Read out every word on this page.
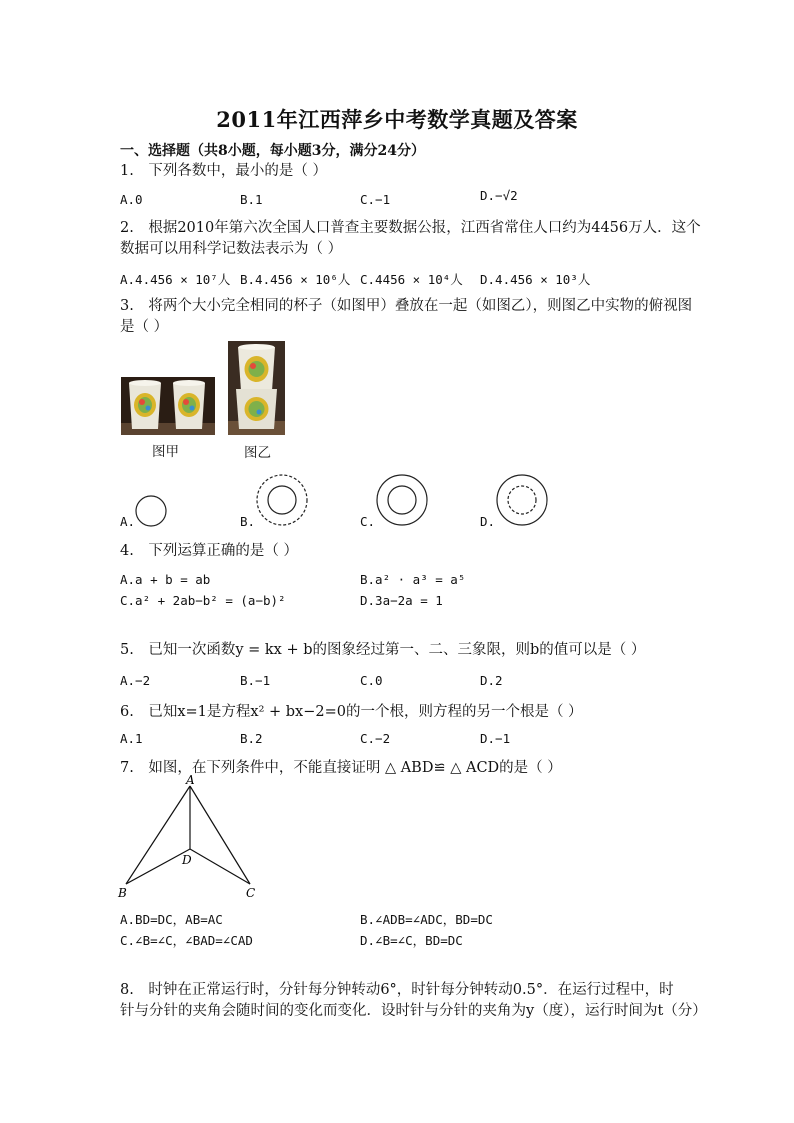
2011年江西萍乡中考数学真题及答案
一、选择题（共8小题，每小题3分，满分24分）
1.　下列各数中，最小的是（ ）
A.0	B.1	C.−1	D.−√2
2.　根据2010年第六次全国人口普查主要数据公报，江西省常住人口约为4456万人．这个
数据可以用科学记数法表示为（ ）
A.4.456 × 10⁷人 B.4.456 × 10⁶人 C.4456 × 10⁴人 D.4.456 × 10³人
3.　将两个大小完全相同的杯子（如图甲）叠放在一起（如图乙），则图乙中实物的俯视图
是（ ）
图甲	图乙
A.	B.	C.	D.
4.　下列运算正确的是（ ）
A.a + b = ab	B.a² · a³ = a⁵
C.a² + 2ab−b² = (a−b)²	D.3a−2a = 1
5.　已知一次函数y = kx + b的图象经过第一、二、三象限，则b的值可以是（ ）
A.−2	B.−1	C.0	D.2
6.　已知x=1是方程x² + bx−2=0的一个根，则方程的另一个根是（ ）
A.1	B.2	C.−2	D.−1
7.　如图，在下列条件中，不能直接证明 △ ABD≌ △ ACD的是（ ）
A
B	C
D
A.BD=DC，AB=AC	B.∠ADB=∠ADC，BD=DC
C.∠B=∠C，∠BAD=∠CAD	D.∠B=∠C，BD=DC
8.　时钟在正常运行时，分针每分钟转动6°，时针每分钟转动0.5°．在运行过程中，时
针与分针的夹角会随时间的变化而变化．设时针与分针的夹角为y（度），运行时间为t（分）
